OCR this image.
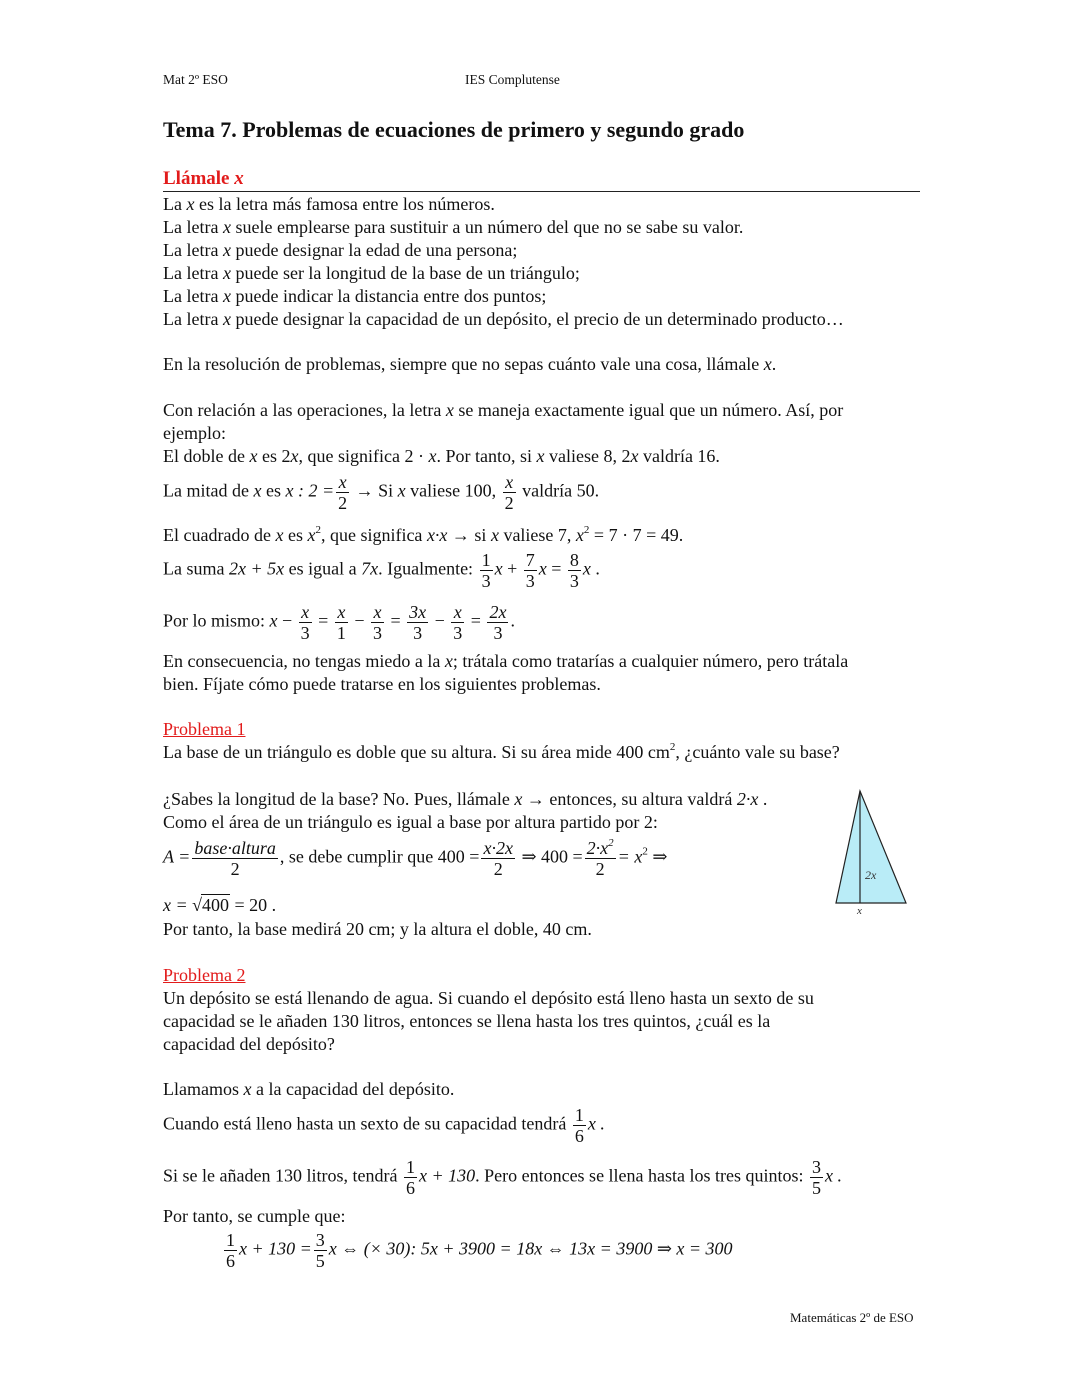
Mat 2º ESO	IES Complutense
Tema 7. Problemas de ecuaciones de primero y segundo grado
Llámale x
La x es la letra más famosa entre los números.
La letra x suele emplearse para sustituir a un número del que no se sabe su valor.
La letra x puede designar la edad de una persona;
La letra x puede ser la longitud de la base de un triángulo;
La letra x puede indicar la distancia entre dos puntos;
La letra x puede designar la capacidad de un depósito, el precio de un determinado producto…
En la resolución de problemas, siempre que no sepas cuánto vale una cosa, llámale x.
Con relación a las operaciones, la letra x se maneja exactamente igual que un número. Así, por
ejemplo:
El doble de x es 2x, que significa 2 · x. Por tanto, si x valiese 8, 2x valdría 16.
La mitad de x es x : $2 = \frac{x}{2} \to Si$ x valiese 100, $\frac{x}{2}$ valdría 50.
El cuadrado de x es $x^2$, que significa x·x → si x valiese 7, $x^2 = 7 \cdot 7 = 49$.
La suma 2x + 5x es igual a 7x. Igualmente: $\frac{1}{3}$ $x + \frac{7}{3}$ $x = \frac{8}{3}$ x .
Por lo mismo: $x - \frac{x}{3} = \frac{x}{1} - \frac{x}{3} = \frac{3x}{3} - \frac{x}{3} = \frac{2x}{3}$ .
En consecuencia, no tengas miedo a la x; trátala como tratarías a cualquier número, pero trátala
bien. Fíjate cómo puede tratarse en los siguientes problemas.
Problema 1
La base de un triángulo es doble que su altura. Si su área mide 400 $cm^2$, ¿cuánto vale su base?
¿Sabes la longitud de la base? No. Pues, llámale x → entonces, su altura valdrá 2·x .
Como el área de un triángulo es igual a base por altura partido por 2:
$A = \frac{\text{base·altura}}{2}$ , se debe cumplir que $400 = \frac{x\cdot 2x}{2}$ ⇒ $400 = \frac{2\cdot x^2}{2} = x^2$ ⇒
x = √400 = 20 .
Por tanto, la base medirá 20 cm; y la altura el doble, 40 cm.
2x
x
Problema 2
Un depósito se está llenando de agua. Si cuando el depósito está lleno hasta un sexto de su
capacidad se le añaden 130 litros, entonces se llena hasta los tres quintos, ¿cuál es la
capacidad del depósito?
Llamamos x a la capacidad del depósito.
Cuando está lleno hasta un sexto de su capacidad tendrá $\frac{1}{6}$ x .
Si se le añaden 130 litros, tendrá $\frac{1}{6}$ x + 130. Pero entonces se llena hasta los tres quintos: $\frac{3}{5}$ x .
Por tanto, se cumple que:
$\frac{1}{6}$ $x + 130 = \frac{3}{5}$ x ⇔ (× 30): 5x + 3900 = 18x ⇔ 13x = 3900 ⇒ x = 300
Matemáticas 2º de ESO
